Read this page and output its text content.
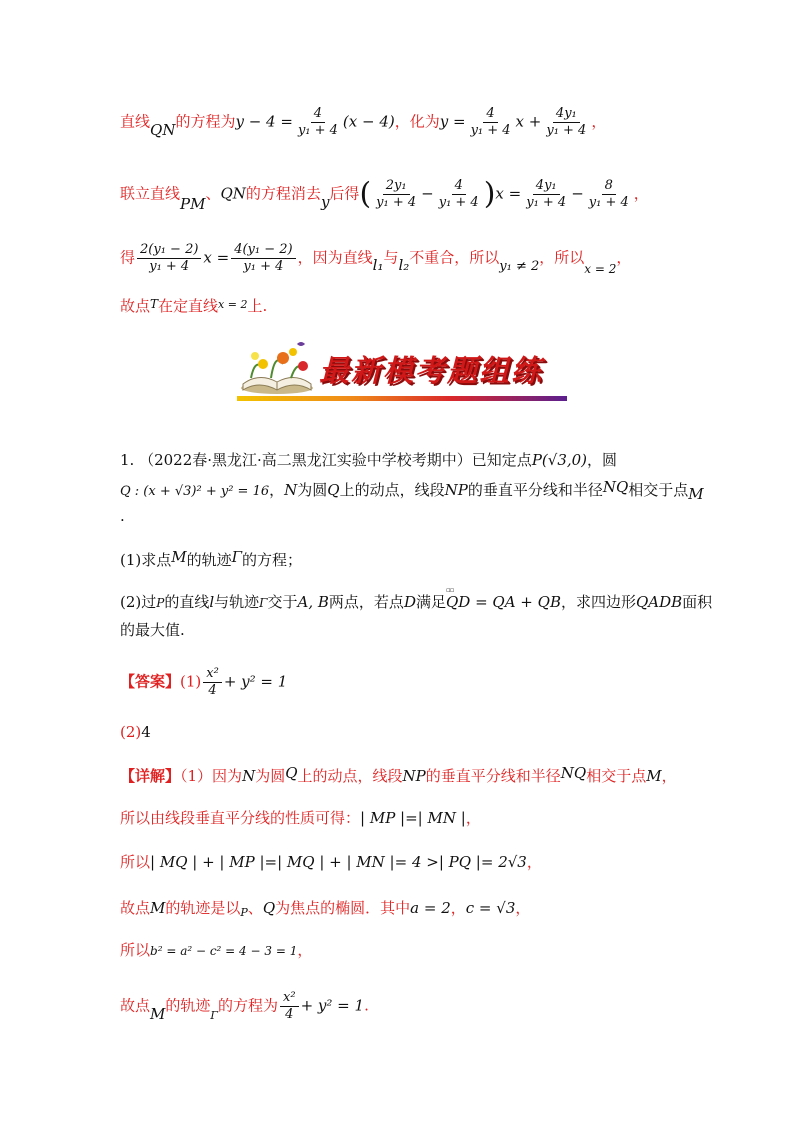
直线QN的方程为$y - 4 = \frac{4}{\text{y₁ + 4}} (x - 4)$，化为$y = \frac{4}{\text{y₁ + 4}}$ $x + \frac{\text{4y₁}}{\text{y₁ + 4}}$ ，
联立直线PM、QN的方程消去y后得( $\frac{\text{2y₁}}{\text{y₁ + 4}} - \frac{4}{\text{y₁ + 4}} )x = \frac{\text{4y₁}}{\text{y₁ + 4}} - \frac{8}{\text{y₁ + 4}}$ ，
得 $\frac{\text{2(y₁ − 2)}}{\text{y₁ + 4}}$ $x = \frac{\text{4(y₁ − 2)}}{\text{y₁ + 4}}$ ，因为直线l₁与l₂不重合，所以y₁ ≠ 2，所以$_{x = 2}$，
故点$^T$在定直线$^{x = 2}$上.
最新模考题组练
1. （2022春·黑龙江·高二黑龙江实验中学校考期中）已知定点P(√3,0)，圆
Q : (x + √3)² + y² = 16，N为圆Q上的动点，线段NP的垂直平分线和半径NQ相交于点M
.
(1)求点M的轨迹Γ的方程；
(2)过P的直线l与轨迹Γ交于A, B两点，若点D满足▫▫ QD = QA + QB，求四边形QADB面积
的最大值.
【答案】$(1) \frac{\text{x²}}{4} + y^2 = 1$
(2)4
【详解】（1）因为N为圆Q上的动点，线段NP的垂直平分线和半径NQ相交于点M，
所以由线段垂直平分线的性质可得：| MP |=| MN |，
所以| MQ | + | MP |=| MQ | + | MN |= 4 >| PQ |= 2√3，
故点M的轨迹是以$_P$、Q为焦点的椭圆．其中a = 2，c = √3，
所以b² = a² − c² = 4 − 3 = 1，
故点M的轨迹$_\Gamma$的方程为 $\frac{\text{x²}}{4} + y^2 = 1$.
